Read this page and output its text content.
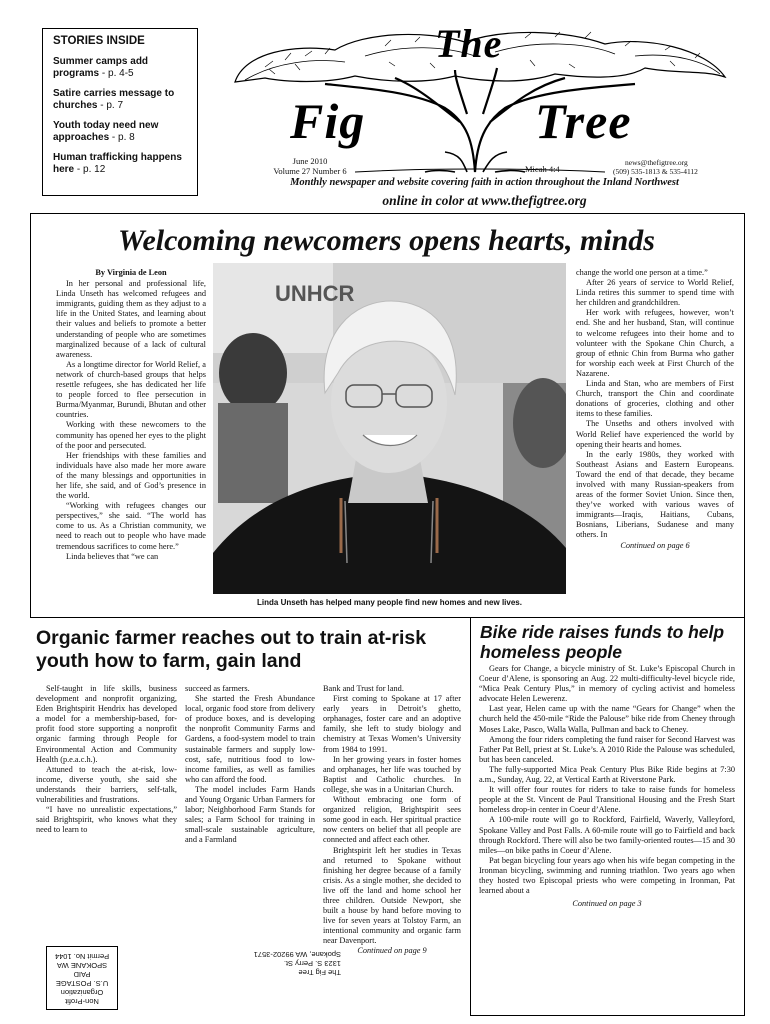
STORIES INSIDE
Summer camps add programs - p. 4-5
Satire carries message to churches - p. 7
Youth today need new approaches - p. 8
Human trafficking happens here - p. 12
The
Fig	Tree
June 2010
Volume 27 Number 6	Micah 4:4
news@thefigtree.org
(509) 535-1813 & 535-4112
Monthly newspaper and website covering faith in action throughout the Inland Northwest
online in color at www.thefigtree.org
Welcoming newcomers opens hearts, minds

By Virginia de Leon

In her personal and professional life, Linda Unseth has welcomed refugees and immigrants, guiding them as they adjust to a life in the United States, and learning about their values and beliefs to promote a better understanding of people who are sometimes marginalized because of a lack of cultural awareness.

As a longtime director for World Relief, a network of church-based groups that helps resettle refugees, she has dedicated her life to people forced to flee persecution in Burma/Myanmar, Burundi, Bhutan and other countries.

Working with these newcomers to the community has opened her eyes to the plight of the poor and persecuted.

Her friendships with these families and individuals have also made her more aware of the many blessings and opportunities in her life, she said, and of God’s presence in the world.

“Working with refugees changes our perspectives,” she said. “The world has come to us. As a Christian community, we need to reach out to people who have made tremendous sacrifices to come here.”

Linda believes that “we can

UNHCR
Linda Unseth has helped many people find new homes and new lives.

change the world one person at a time.”

After 26 years of service to World Relief, Linda retires this summer to spend time with her children and grandchildren.

Her work with refugees, however, won’t end. She and her husband, Stan, will continue to welcome refugees into their home and to volunteer with the Spokane Chin Church, a group of ethnic Chin from Burma who gather for worship each week at First Church of the Nazarene.

Linda and Stan, who are members of First Church, transport the Chin and coordinate donations of groceries, clothing and other items to these families.

The Unseths and others involved with World Relief have experienced the world by opening their hearts and homes.

In the early 1980s, they worked with Southeast Asians and Eastern Europeans. Toward the end of that decade, they became involved with many Russian-speakers from areas of the former Soviet Union. Since then, they’ve worked with various waves of immigrants—Iraqis, Haitians, Cubans, Bosnians, Liberians, Sudanese and many others. In

Continued on page 6

Organic farmer reaches out to train at-risk youth how to farm, gain land

Self-taught in life skills, business development and nonprofit organizing, Eden Brightspirit Hendrix has developed a model for a membership-based, for-profit food store supporting a nonprofit organic farming through People for Environmental Action and Community Health (p.e.a.c.h.).

Attuned to teach the at-risk, low-income, diverse youth, she said she understands their barriers, self-talk, vulnerabilities and frustrations.

“I have no unrealistic expectations,” said Brightspirit, who knows what they need to learn to

succeed as farmers.

She started the Fresh Abundance local, organic food store from delivery of produce boxes, and is developing the nonprofit Community Farms and Gardens, a food-system model to train sustainable farmers and supply low-cost, safe, nutritious food to low-income families, as well as families who can afford the food.

The model includes Farm Hands and Young Organic Urban Farmers for labor; Neighborhood Farm Stands for sales; a Farm School for training in small-scale sustainable agriculture, and a Farmland

Bank and Trust for land.

First coming to Spokane at 17 after early years in Detroit’s ghetto, orphanages, foster care and an adoptive family, she left to study biology and chemistry at Texas Women’s University from 1984 to 1991.

In her growing years in foster homes and orphanages, her life was touched by Baptist and Catholic churches. In college, she was in a Unitarian Church.

Without embracing one form of organized religion, Brightspirit sees some good in each. Her spiritual practice now centers on belief that all people are connected and affect each other.

Brightspirit left her studies in Texas and returned to Spokane without finishing her degree because of a family crisis. As a single mother, she decided to live off the land and home school her three children. Outside Newport, she built a house by hand before moving to live for seven years at Tolstoy Farm, an intentional community and organic farm near Davenport.

Continued on page 9

Bike ride raises funds to help homeless people

Gears for Change, a bicycle ministry of St. Luke’s Episcopal Church in Coeur d’Alene, is sponsoring an Aug. 22 multi-difficulty-level bicycle ride, “Mica Peak Century Plus,” in memory of cycling activist and homeless advocate Helen Lewerenz.

Last year, Helen came up with the name “Gears for Change” when the church held the 450-mile “Ride the Palouse” bike ride from Cheney through Moses Lake, Pasco, Walla Walla, Pullman and back to Cheney.

Among the four riders completing the fund raiser for Second Harvest was Father Pat Bell, priest at St. Luke’s. A 2010 Ride the Palouse was scheduled, but has been canceled.

The fully-supported Mica Peak Century Plus Bike Ride begins at 7:30 a.m., Sunday, Aug. 22, at Vertical Earth at Riverstone Park.

It will offer four routes for riders to take to raise funds for homeless people at the St. Vincent de Paul Transitional Housing and the Fresh Start homeless drop-in center in Coeur d’Alene.

A 100-mile route will go to Rockford, Fairfield, Waverly, Valleyford, Spokane Valley and Post Falls. A 60-mile route will go to Fairfield and back through Rockford. There will also be two family-oriented routes—15 and 30 miles—on bike paths in Coeur d’Alene.

Pat began bicycling four years ago when his wife began competing in the Ironman bicycling, swimming and running triathlon. Two years ago when they hosted two Episcopal priests who were competing in Ironman, Pat learned about a

Continued on page 3

Non-Profit
Organization
U.S. POSTAGE
PAID
SPOKANE WA
Permit No. 1044
The Fig Tree
1323 S. Perry St.
Spokane, WA 99202-3571
